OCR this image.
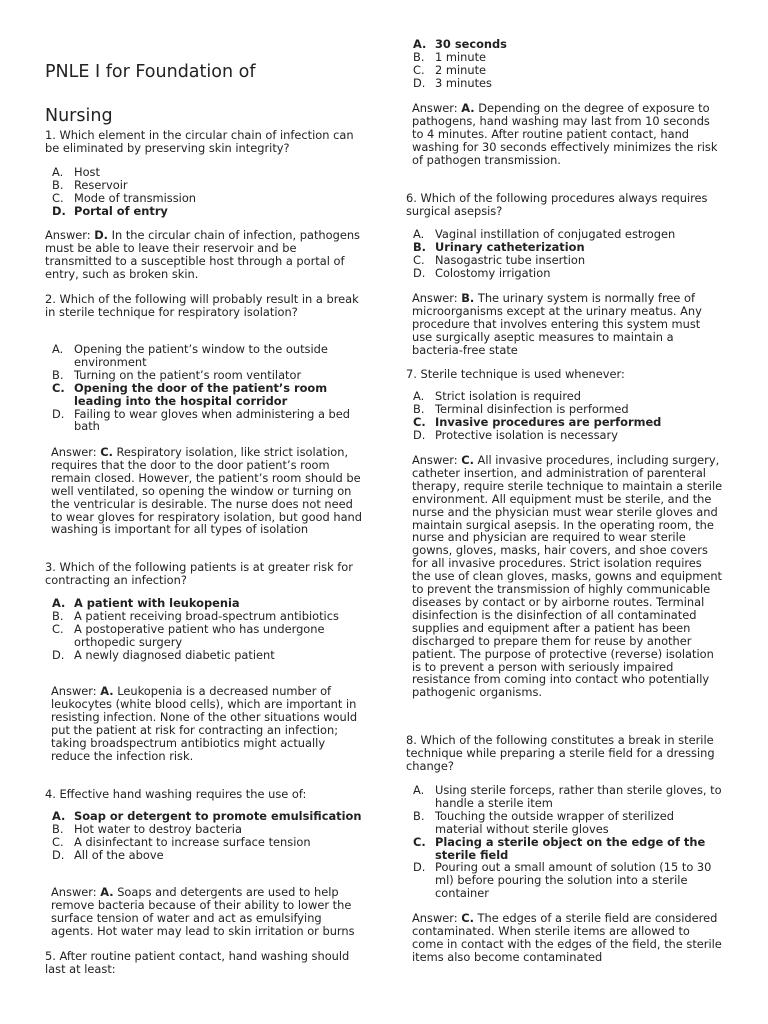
PNLE I for Foundation of
Nursing
1. Which element in the circular chain of infection can be eliminated by preserving skin integrity?
A. Host
B. Reservoir
C. Mode of transmission
D. Portal of entry
Answer: D. In the circular chain of infection, pathogens must be able to leave their reservoir and be transmitted to a susceptible host through a portal of entry, such as broken skin.
2. Which of the following will probably result in a break in sterile technique for respiratory isolation?
A. Opening the patient’s window to the outside environment
B. Turning on the patient’s room ventilator
C. Opening the door of the patient’s room leading into the hospital corridor
D. Failing to wear gloves when administering a bed bath
Answer: C. Respiratory isolation, like strict isolation, requires that the door to the door patient’s room remain closed. However, the patient’s room should be well ventilated, so opening the window or turning on the ventricular is desirable. The nurse does not need to wear gloves for respiratory isolation, but good hand washing is important for all types of isolation
3. Which of the following patients is at greater risk for contracting an infection?
A. A patient with leukopenia
B. A patient receiving broad-spectrum antibiotics
C. A postoperative patient who has undergone orthopedic surgery
D. A newly diagnosed diabetic patient
Answer: A. Leukopenia is a decreased number of leukocytes (white blood cells), which are important in resisting infection. None of the other situations would put the patient at risk for contracting an infection; taking broadspectrum antibiotics might actually reduce the infection risk.
4. Effective hand washing requires the use of:
A. Soap or detergent to promote emulsification
B. Hot water to destroy bacteria
C. A disinfectant to increase surface tension
D. All of the above
Answer: A. Soaps and detergents are used to help remove bacteria because of their ability to lower the surface tension of water and act as emulsifying agents. Hot water may lead to skin irritation or burns
5. After routine patient contact, hand washing should last at least:
A. 30 seconds
B. 1 minute
C. 2 minute
D. 3 minutes
Answer: A. Depending on the degree of exposure to pathogens, hand washing may last from 10 seconds to 4 minutes. After routine patient contact, hand washing for 30 seconds effectively minimizes the risk of pathogen transmission.
6. Which of the following procedures always requires surgical asepsis?
A. Vaginal instillation of conjugated estrogen
B. Urinary catheterization
C. Nasogastric tube insertion
D. Colostomy irrigation
Answer: B. The urinary system is normally free of microorganisms except at the urinary meatus. Any procedure that involves entering this system must use surgically aseptic measures to maintain a bacteria-free state
7. Sterile technique is used whenever:
A. Strict isolation is required
B. Terminal disinfection is performed
C. Invasive procedures are performed
D. Protective isolation is necessary
Answer: C. All invasive procedures, including surgery, catheter insertion, and administration of parenteral therapy, require sterile technique to maintain a sterile environment. All equipment must be sterile, and the nurse and the physician must wear sterile gloves and maintain surgical asepsis. In the operating room, the nurse and physician are required to wear sterile gowns, gloves, masks, hair covers, and shoe covers for all invasive procedures. Strict isolation requires the use of clean gloves, masks, gowns and equipment to prevent the transmission of highly communicable diseases by contact or by airborne routes. Terminal disinfection is the disinfection of all contaminated supplies and equipment after a patient has been discharged to prepare them for reuse by another patient. The purpose of protective (reverse) isolation is to prevent a person with seriously impaired resistance from coming into contact who potentially pathogenic organisms.
8. Which of the following constitutes a break in sterile technique while preparing a sterile field for a dressing change?
A. Using sterile forceps, rather than sterile gloves, to handle a sterile item
B. Touching the outside wrapper of sterilized material without sterile gloves
C. Placing a sterile object on the edge of the sterile field
D. Pouring out a small amount of solution (15 to 30 ml) before pouring the solution into a sterile container
Answer: C. The edges of a sterile field are considered contaminated. When sterile items are allowed to come in contact with the edges of the field, the sterile items also become contaminated
